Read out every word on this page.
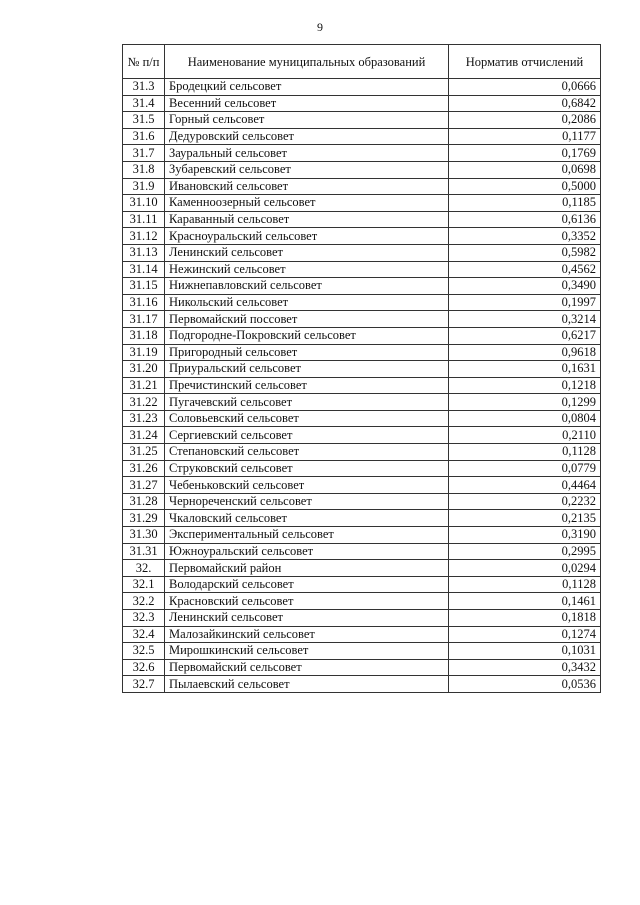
9
№ п/п	Наименование муниципальных образований	Норматив отчислений
31.3	Бродецкий сельсовет	0,0666
31.4	Весенний сельсовет	0,6842
31.5	Горный сельсовет	0,2086
31.6	Дедуровский сельсовет	0,1177
31.7	Зауральный сельсовет	0,1769
31.8	Зубаревский сельсовет	0,0698
31.9	Ивановский сельсовет	0,5000
31.10	Каменноозерный сельсовет	0,1185
31.11	Караванный сельсовет	0,6136
31.12	Красноуральский сельсовет	0,3352
31.13	Ленинский сельсовет	0,5982
31.14	Нежинский сельсовет	0,4562
31.15	Нижнепавловский сельсовет	0,3490
31.16	Никольский сельсовет	0,1997
31.17	Первомайский поссовет	0,3214
31.18	Подгородне-Покровский сельсовет	0,6217
31.19	Пригородный сельсовет	0,9618
31.20	Приуральский сельсовет	0,1631
31.21	Пречистинский сельсовет	0,1218
31.22	Пугачевский сельсовет	0,1299
31.23	Соловьевский сельсовет	0,0804
31.24	Сергиевский сельсовет	0,2110
31.25	Степановский сельсовет	0,1128
31.26	Струковский сельсовет	0,0779
31.27	Чебеньковский сельсовет	0,4464
31.28	Чернореченский сельсовет	0,2232
31.29	Чкаловский сельсовет	0,2135
31.30	Экспериментальный сельсовет	0,3190
31.31	Южноуральский сельсовет	0,2995
32.	Первомайский район	0,0294
32.1	Володарский сельсовет	0,1128
32.2	Красновский сельсовет	0,1461
32.3	Ленинский сельсовет	0,1818
32.4	Малозайкинский сельсовет	0,1274
32.5	Мирошкинский сельсовет	0,1031
32.6	Первомайский сельсовет	0,3432
32.7	Пылаевский сельсовет	0,0536
